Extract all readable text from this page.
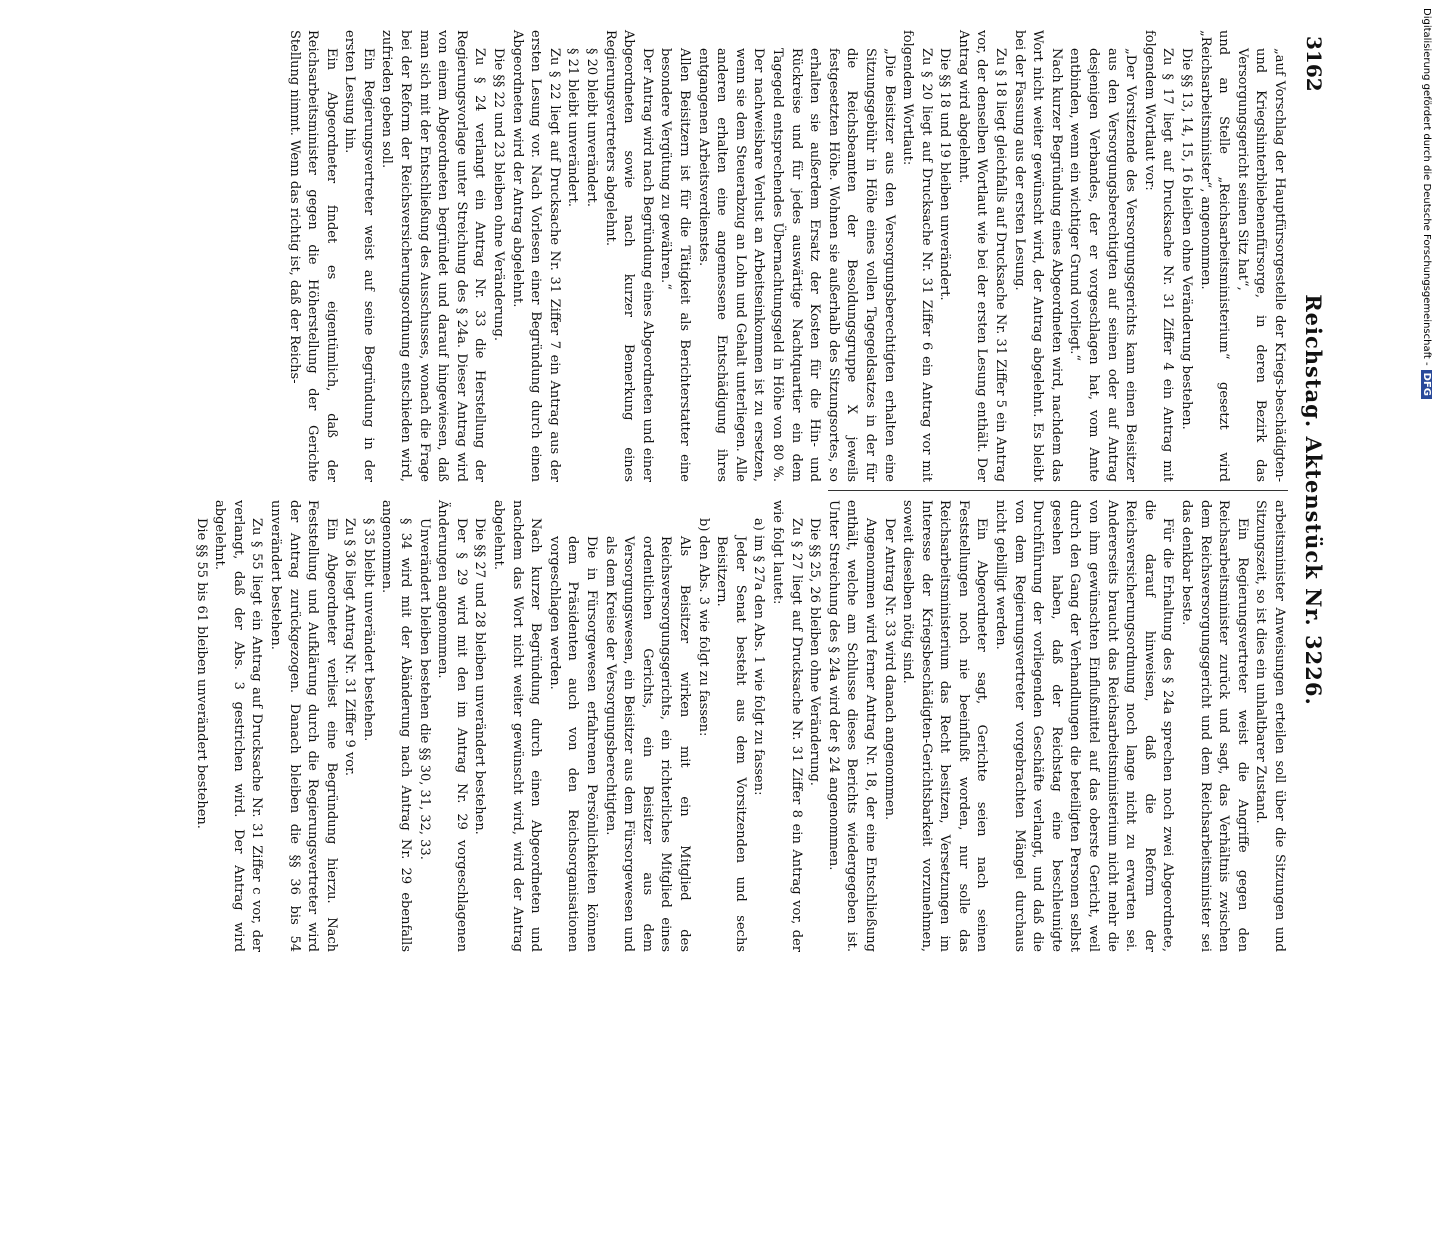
3162
Reichstag. Aktenstück Nr. 3226.

„auf Vorschlag der Hauptfürsorgestelle der Kriegs-beschädigten- und Kriegshinterbliebenenfürsorge, in deren Bezirk das Versorgungsgericht seinen Sitz hat“,

und an Stelle „Reichsarbeitsministerium“ gesetzt wird „Reichsarbeitsminister“, angenommen.

Die §§ 13, 14, 15, 16 bleiben ohne Veränderung bestehen.

Zu § 17 liegt auf Drucksache Nr. 31 Ziffer 4 ein Antrag mit folgendem Wortlaut vor:

„Der Vorsitzende des Versorgungsgerichts kann einen Beisitzer aus den Versorgungsberechtigten auf seinen oder auf Antrag desjenigen Verbandes, der er vorgeschlagen hat, vom Amte entbinden, wenn ein wichtiger Grund vorliegt.“

Nach kurzer Begründung eines Abgeordneten wird, nachdem das Wort nicht weiter gewünscht wird, der Antrag abgelehnt. Es bleibt bei der Fassung aus der ersten Lesung.

Zu § 18 liegt gleichfalls auf Drucksache Nr. 31 Ziffer 5 ein Antrag vor, der denselben Wortlaut wie bei der ersten Lesung enthält. Der Antrag wird abgelehnt.

Die §§ 18 und 19 bleiben unverändert.

Zu § 20 liegt auf Drucksache Nr. 31 Ziffer 6 ein Antrag vor mit folgendem Wortlaut:

„Die Beisitzer aus den Versorgungsberechtigten erhalten eine Sitzungsgebühr in Höhe eines vollen Tagegeldsatzes in der für die Reichsbeamten der Besoldungsgruppe X jeweils festgesetzten Höhe. Wohnen sie außerhalb des Sitzungsortes, so erhalten sie außerdem Ersatz der Kosten für die Hin- und Rückreise und für jedes auswärtige Nachtquartier ein dem Tagegeld entsprechendes Übernachtungsgeld in Höhe von 80 %. Der nachweisbare Verlust an Arbeitseinkommen ist zu ersetzen, wenn sie dem Steuerabzug an Lohn und Gehalt unterliegen. Alle anderen erhalten eine angemessene Entschädigung ihres entgangenen Arbeitsverdienstes.

Allen Beisitzern ist für die Tätigkeit als Berichterstatter eine besondere Vergütung zu gewähren.“

Der Antrag wird nach Begründung eines Abgeordneten und einer Abgeordneten sowie nach kurzer Bemerkung eines Regierungsvertreters abgelehnt.

§ 20 bleibt unverändert.

§ 21 bleibt unverändert.

Zu § 22 liegt auf Drucksache Nr. 31 Ziffer 7 ein Antrag aus der ersten Lesung vor. Nach Vorlesen einer Begründung durch einen Abgeordneten wird der Antrag abgelehnt.

Die §§ 22 und 23 bleiben ohne Veränderung.

Zu § 24 verlangt ein Antrag Nr. 33 die Herstellung der Regierungsvorlage unter Streichung des § 24a. Dieser Antrag wird von einem Abgeordneten begründet und darauf hingewiesen, daß man sich mit der Entschließung des Ausschusses, wonach die Frage bei der Reform der Reichsversicherungsordnung entschieden wird, zufrieden geben soll.

Ein Regierungsvertreter weist auf seine Begründung in der ersten Lesung hin.

Ein Abgeordneter findet es eigentümlich, daß der Reichsarbeitsminister gegen die Höherstellung der Gerichte Stellung nimmt. Wenn das richtig ist, daß der Reichs-

arbeitsminister Anweisungen erteilen soll über die Sitzungen und Sitzungszeit, so ist dies ein unhaltbarer Zustand.

Ein Regierungsvertreter weist die Angriffe gegen den Reichsarbeitsminister zurück und sagt, das Verhältnis zwischen dem Reichsversorgungsgericht und dem Reichsarbeitsminister sei das denkbar beste.

Für die Erhaltung des § 24a sprechen noch zwei Abgeordnete, die darauf hinweisen, daß die Reform der Reichsversicherungsordnung noch lange nicht zu erwarten sei. Andererseits braucht das Reichsarbeitsministerium nicht mehr die von ihm gewünschten Einflußmittel auf das oberste Gericht, weil durch den Gang der Verhandlungen die beteiligten Personen selbst gesehen haben, daß der Reichstag eine beschleunigte Durchführung der vorliegenden Geschäfte verlangt, und daß die von dem Regierungsvertreter vorgebrachten Mängel durchaus nicht gebilligt werden.

Ein Abgeordneter sagt, Gerichte seien nach seinen Feststellungen noch nie beeinflußt worden, nur solle das Reichsarbeitsministerium das Recht besitzen, Versetzungen im Interesse der Kriegsbeschädigten-Gerichtsbarkeit vorzunehmen, soweit dieselben nötig sind.

Der Antrag Nr. 33 wird danach angenommen.

Angenommen wird ferner Antrag Nr. 18, der eine Entschließung enthält, welche am Schlusse dieses Berichts wiedergegeben ist. Unter Streichung des § 24a wird der § 24 angenommen.

Die §§ 25, 26 bleiben ohne Veränderung.

Zu § 27 liegt auf Drucksache Nr. 31 Ziffer 8 ein Antrag vor, der wie folgt lautet:

a) im § 27a den Abs. 1 wie folgt zu fassen:

Jeder Senat besteht aus dem Vorsitzenden und sechs Beisitzern.

b) den Abs. 3 wie folgt zu fassen:

Als Beisitzer wirken mit ein Mitglied des Reichsversorgungsgerichts, ein richterliches Mitglied eines ordentlichen Gerichts, ein Beisitzer aus dem Versorgungswesen, ein Beisitzer aus dem Fürsorgewesen und als dem Kreise der Versorgungsberechtigten.

Die in Fürsorgewesen erfahrenen Persönlichkeiten können dem Präsidenten auch von den Reichsorganisationen vorgeschlagen werden.

Nach kurzer Begründung durch einen Abgeordneten und nachdem das Wort nicht weiter gewünscht wird, wird der Antrag abgelehnt.

Die §§ 27 und 28 bleiben unverändert bestehen.

Der § 29 wird mit den im Antrag Nr. 29 vorgeschlagenen Änderungen angenommen.

Unverändert bleiben bestehen die §§ 30, 31, 32, 33.

§ 34 wird mit der Abänderung nach Antrag Nr. 29 ebenfalls angenommen.

§ 35 bleibt unverändert bestehen.

Zu § 36 liegt Antrag Nr. 31 Ziffer 9 vor.

Ein Abgeordneter verliest eine Begründung hierzu. Nach Feststellung und Aufklärung durch die Regierungsvertreter wird der Antrag zurückgezogen. Danach bleiben die §§ 36 bis 54 unverändert bestehen.

Zu § 55 liegt ein Antrag auf Drucksache Nr. 31 Ziffer c vor, der verlangt, daß der Abs. 3 gestrichen wird. Der Antrag wird abgelehnt.

Die §§ 55 bis 61 bleiben unverändert bestehen.

Digitalisierung gefördert durch die Deutsche Forschungsgemeinschaft -DFG
